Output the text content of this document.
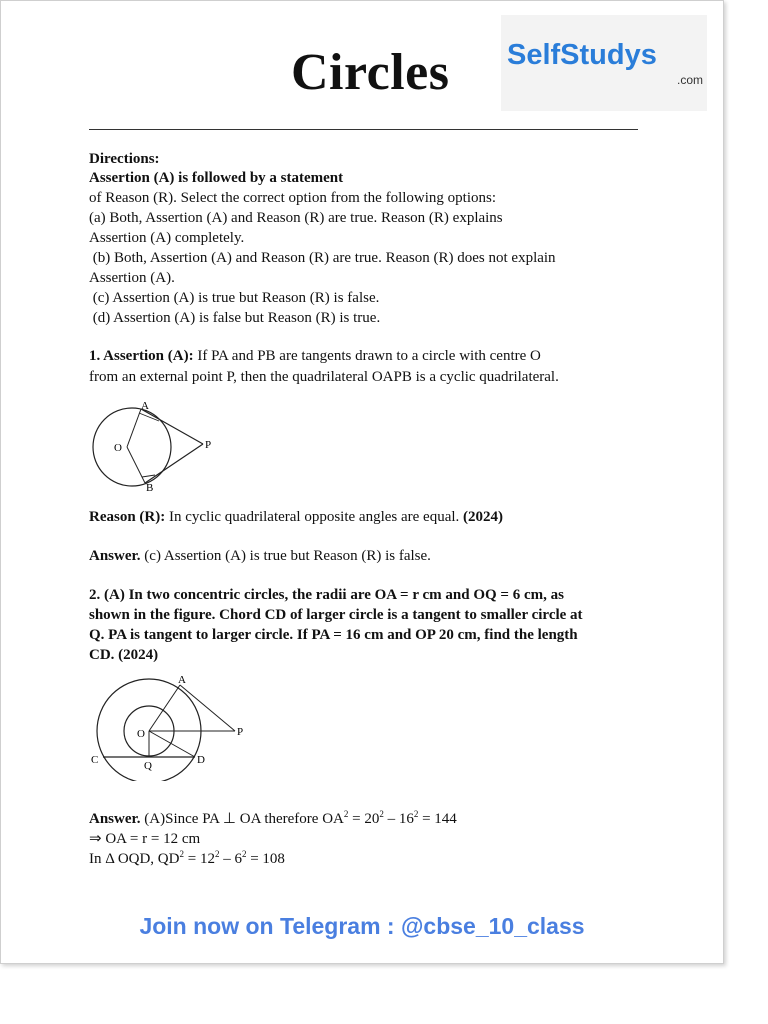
Circles SelfStudys
.com
Directions:
Assertion (A) is followed by a statement
of Reason (R). Select the correct option from the following options:
(a) Both, Assertion (A) and Reason (R) are true. Reason (R) explains
Assertion (A) completely.
(b) Both, Assertion (A) and Reason (R) are true. Reason (R) does not explain
Assertion (A).
(c) Assertion (A) is true but Reason (R) is false.
(d) Assertion (A) is false but Reason (R) is true.
1. Assertion (A): If PA and PB are tangents drawn to a circle with centre O
from an external point P, then the quadrilateral OAPB is a cyclic quadrilateral.
A
B
O	P
Reason (R): In cyclic quadrilateral opposite angles are equal. (2024)
Answer. (c) Assertion (A) is true but Reason (R) is false.
2. (A) In two concentric circles, the radii are OA = r cm and OQ = 6 cm, as
shown in the figure. Chord CD of larger circle is a tangent to smaller circle at
Q. PA is tangent to larger circle. If PA = 16 cm and OP 20 cm, find the length
CD. (2024)
A
O	P
C	Q	D
Answer. (A)Since PA ⊥ OA therefore $OA^2 = 20^2 - 16^2 = 144$
⇒ OA = r = 12 cm
In Δ OQD, $QD^2 = 12^2 - 6^2 = 108$
Join now on Telegram : @cbse_10_class
